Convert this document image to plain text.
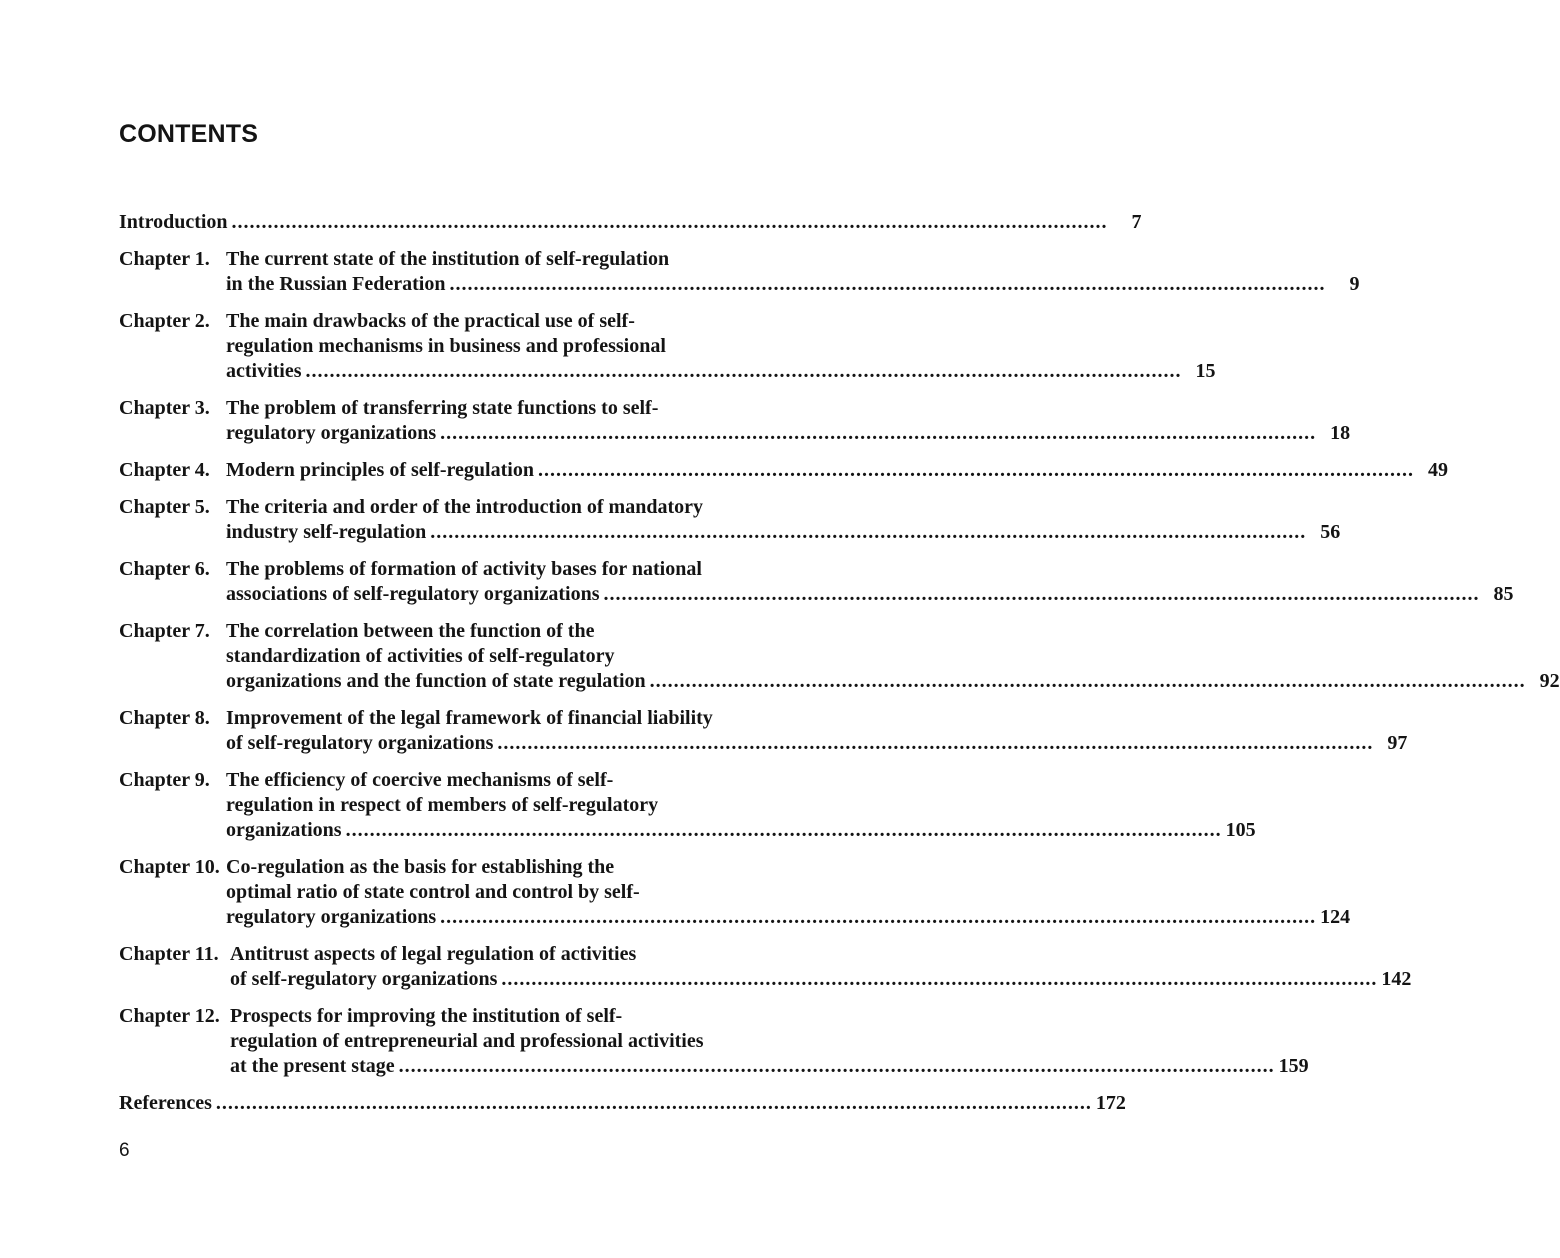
CONTENTS
Introduction ..................................................................................................................................................	7
Chapter 1. The current state of the institution of self-regulation
in the Russian Federation ..................................................................................................................................................	9
Chapter 2. The main drawbacks of the practical use of self-
regulation mechanisms in business and professional
activities .................................................................................................................................................. 15
Chapter 3. The problem of transferring state functions to self-
regulatory organizations .................................................................................................................................................. 18
Chapter 4. Modern principles of self-regulation .................................................................................................................................................. 49
Chapter 5. The criteria and order of the introduction of mandatory
industry self-regulation .................................................................................................................................................. 56
Chapter 6. The problems of formation of activity bases for national
associations of self-regulatory organizations .................................................................................................................................................. 85
Chapter 7. The correlation between the function of the
standardization of activities of self-regulatory
organizations and the function of state regulation .................................................................................................................................................. 92
Chapter 8. Improvement of the legal framework of financial liability
of self-regulatory organizations .................................................................................................................................................. 97
Chapter 9. The efficiency of coercive mechanisms of self-
regulation in respect of members of self-regulatory
organizations .................................................................................................................................................. 105
Chapter 10. Co-regulation as the basis for establishing the
optimal ratio of state control and control by self-
regulatory organizations .................................................................................................................................................. 124
Chapter 11. Antitrust aspects of legal regulation of activities
of self-regulatory organizations .................................................................................................................................................. 142
Chapter 12. Prospects for improving the institution of self-
regulation of entrepreneurial and professional activities
at the present stage .................................................................................................................................................. 159
References .................................................................................................................................................. 172
6
